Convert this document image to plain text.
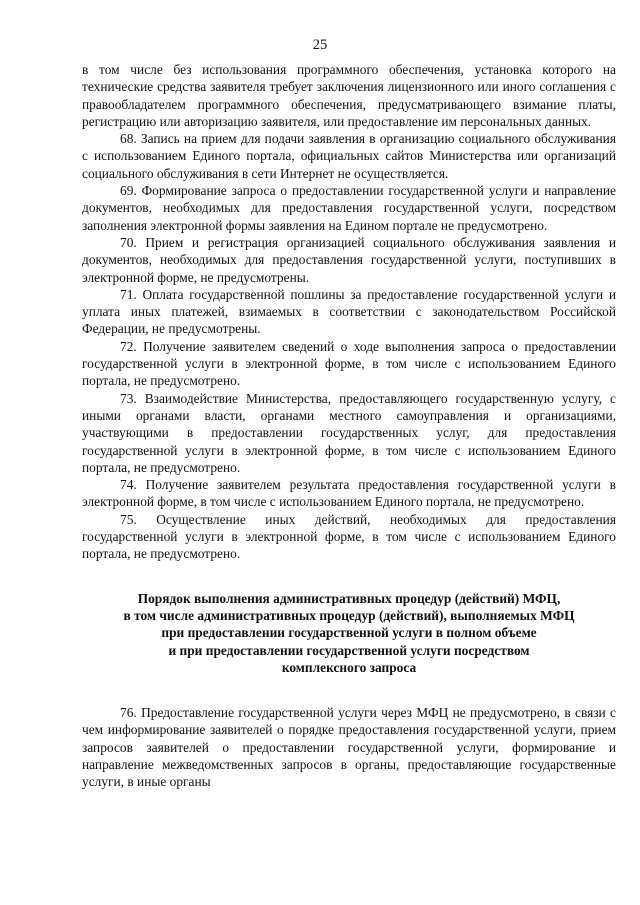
25

в том числе без использования программного обеспечения, установка которого на технические средства заявителя требует заключения лицензионного или иного соглашения с правообладателем программного обеспечения, предусматривающего взимание платы, регистрацию или авторизацию заявителя, или предоставление им персональных данных.

68. Запись на прием для подачи заявления в организацию социального обслуживания с использованием Единого портала, официальных сайтов Министерства или организаций социального обслуживания в сети Интернет не осуществляется.

69. Формирование запроса о предоставлении государственной услуги и направление документов, необходимых для предоставления государственной услуги, посредством заполнения электронной формы заявления на Едином портале не предусмотрено.

70. Прием и регистрация организацией социального обслуживания заявления и документов, необходимых для предоставления государственной услуги, поступивших в электронной форме, не предусмотрены.

71. Оплата государственной пошлины за предоставление государственной услуги и уплата иных платежей, взимаемых в соответствии с законодательством Российской Федерации, не предусмотрены.

72. Получение заявителем сведений о ходе выполнения запроса о предоставлении государственной услуги в электронной форме, в том числе с использованием Единого портала, не предусмотрено.

73. Взаимодействие Министерства, предоставляющего государственную услугу, с иными органами власти, органами местного самоуправления и организациями, участвующими в предоставлении государственных услуг, для предоставления государственной услуги в электронной форме, в том числе с использованием Единого портала, не предусмотрено.

74. Получение заявителем результата предоставления государственной услуги в электронной форме, в том числе с использованием Единого портала, не предусмотрено.

75. Осуществление иных действий, необходимых для предоставления государственной услуги в электронной форме, в том числе с использованием Единого портала, не предусмотрено.

Порядок выполнения административных процедур (действий) МФЦ,
в том числе административных процедур (действий), выполняемых МФЦ
при предоставлении государственной услуги в полном объеме
и при предоставлении государственной услуги посредством
комплексного запроса

76. Предоставление государственной услуги через МФЦ не предусмотрено, в связи с чем информирование заявителей о порядке предоставления государственной услуги, прием запросов заявителей о предоставлении государственной услуги, формирование и направление межведомственных запросов в органы, предоставляющие государственные услуги, в иные органы
